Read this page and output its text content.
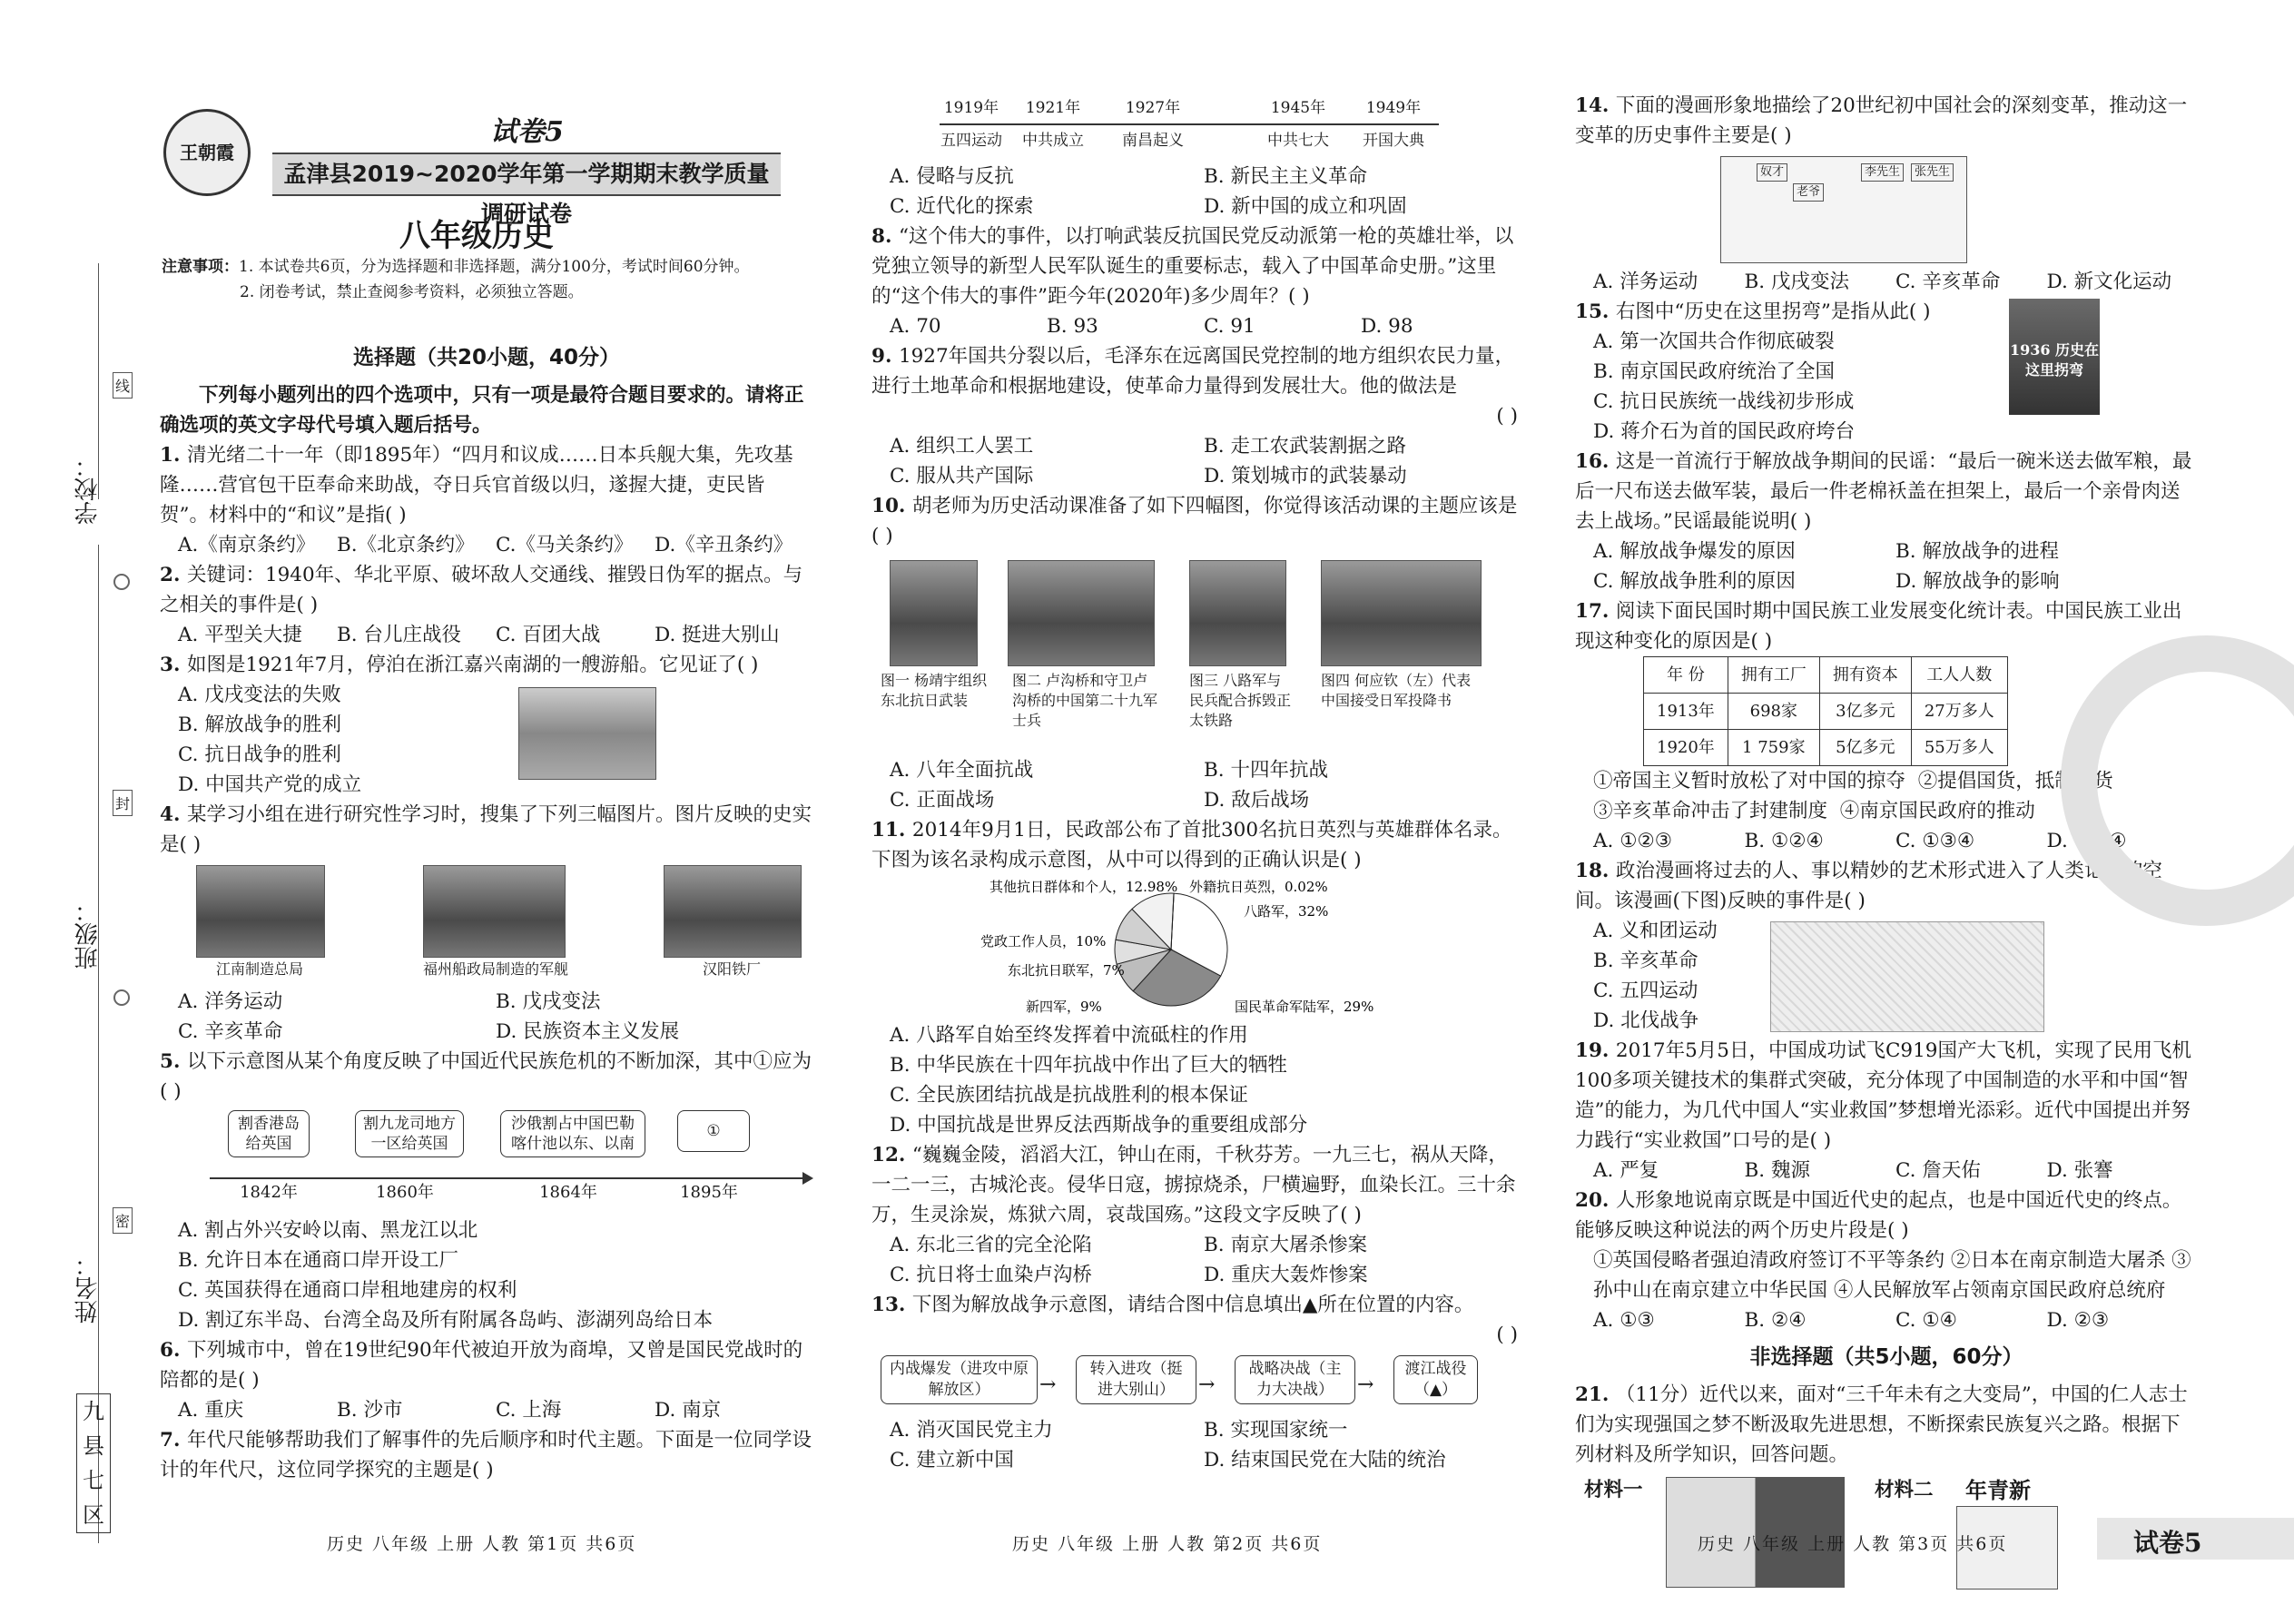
学校：
班级：
姓名：
线
封
密
九
县
七
区
王朝霞
试卷5
孟津县2019~2020学年第一学期期末教学质量调研试卷
八年级历史
注意事项：1. 本试卷共6页，分为选择题和非选择题，满分100分，考试时间60分钟。
2. 闭卷考试，禁止查阅参考资料，必须独立答题。
选择题（共20小题，40分）

下列每小题列出的四个选项中，只有一项是最符合题目要求的。请将正确选项的英文字母代号填入题后括号。

1. 清光绪二十一年（即1895年）“四月和议成……日本兵舰大集，先攻基隆……营官包干臣奉命来助战，夺日兵官首级以归，遂握大捷，吏民皆贺”。材料中的“和议”是指( )

A.《南京条约》	B.《北京条约》	C.《马关条约》	D.《辛丑条约》

2. 关键词：1940年、华北平原、破坏敌人交通线、摧毁日伪军的据点。与之相关的事件是( )

A. 平型关大捷	B. 台儿庄战役	C. 百团大战	D. 挺进大别山

3. 如图是1921年7月，停泊在浙江嘉兴南湖的一艘游船。它见证了( )

A. 戊戌变法的失败
B. 解放战争的胜利
C. 抗日战争的胜利
D. 中国共产党的成立

4. 某学习小组在进行研究性学习时，搜集了下列三幅图片。图片反映的史实是( )

江南制造总局	福州船政局制造的军舰	汉阳铁厂
A. 洋务运动	B. 戊戌变法
C. 辛亥革命	D. 民族资本主义发展

5. 以下示意图从某个角度反映了中国近代民族危机的不断加深，其中①应为( )

割香港岛给英国
割九龙司地方一区给英国
沙俄割占中国巴勒喀什池以东、以南
①
1842年	1860年	1864年	1895年
A. 割占外兴安岭以南、黑龙江以北
B. 允许日本在通商口岸开设工厂
C. 英国获得在通商口岸租地建房的权利
D. 割辽东半岛、台湾全岛及所有附属各岛屿、澎湖列岛给日本

6. 下列城市中，曾在19世纪90年代被迫开放为商埠，又曾是国民党战时的陪都的是( )

A. 重庆	B. 沙市	C. 上海	D. 南京

7. 年代尺能够帮助我们了解事件的先后顺序和时代主题。下面是一位同学设计的年代尺，这位同学探究的主题是( )

1919年 1921年	1927年	1945年	1949年
五四运动	中共成立	南昌起义	中共七大	开国大典
A. 侵略与反抗	B. 新民主主义革命
C. 近代化的探索	D. 新中国的成立和巩固

8. “这个伟大的事件，以打响武装反抗国民党反动派第一枪的英雄壮举，以党独立领导的新型人民军队诞生的重要标志，载入了中国革命史册。”这里的“这个伟大的事件”距今年(2020年)多少周年？( )

A. 70	B. 93	C. 91	D. 98

9. 1927年国共分裂以后，毛泽东在远离国民党控制的地方组织农民力量，进行土地革命和根据地建设，使革命力量得到发展壮大。他的做法是

( )
A. 组织工人罢工	B. 走工农武装割据之路
C. 服从共产国际	D. 策划城市的武装暴动

10. 胡老师为历史活动课准备了如下四幅图，你觉得该活动课的主题应该是( )

图一 杨靖宇组织东北抗日武装
图二 卢沟桥和守卫卢沟桥的中国第二十九军士兵
图三 八路军与民兵配合拆毁正太铁路
图四 何应钦（左）代表中国接受日军投降书
A. 八年全面抗战	B. 十四年抗战
C. 正面战场	D. 敌后战场

11. 2014年9月1日，民政部公布了首批300名抗日英烈与英雄群体名录。下图为该名录构成示意图，从中可以得到的正确认识是( )

八路军，32%
国民革命军陆军，29%
新四军，9%
东北抗日联军，7%
党政工作人员，10%
其他抗日群体和个人，12.98% 外籍抗日英烈，0.02%
A. 八路军自始至终发挥着中流砥柱的作用
B. 中华民族在十四年抗战中作出了巨大的牺牲
C. 全民族团结抗战是抗战胜利的根本保证
D. 中国抗战是世界反法西斯战争的重要组成部分

12. “巍巍金陵，滔滔大江，钟山在雨，千秋芬芳。一九三七，祸从天降，一二一三，古城沦丧。侵华日寇，掳掠烧杀，尸横遍野，血染长江。三十余万，生灵涂炭，炼狱六周，哀哉国殇。”这段文字反映了( )

A. 东北三省的完全沦陷	B. 南京大屠杀惨案
C. 抗日将士血染卢沟桥	D. 重庆大轰炸惨案

13. 下图为解放战争示意图，请结合图中信息填出▲所在位置的内容。

( )
内战爆发（进攻中原解放区）	→
转入进攻（挺进大别山）	→
战略决战（主力大决战）	→
渡江战役（▲）
A. 消灭国民党主力	B. 实现国家统一
C. 建立新中国	D. 结束国民党在大陆的统治

14. 下面的漫画形象地描绘了20世纪初中国社会的深刻变革，推动这一变革的历史事件主要是( )

奴才
老爷
李先生	张先生
A. 洋务运动	B. 戊戌变法	C. 辛亥革命	D. 新文化运动

15. 右图中“历史在这里拐弯”是指从此( )

A. 第一次国共合作彻底破裂
B. 南京国民政府统治了全国
C. 抗日民族统一战线初步形成
D. 蒋介石为首的国民政府垮台
1936 历史在这里拐弯

16. 这是一首流行于解放战争期间的民谣：“最后一碗米送去做军粮，最后一尺布送去做军装，最后一件老棉袄盖在担架上，最后一个亲骨肉送去上战场。”民谣最能说明( )

A. 解放战争爆发的原因	B. 解放战争的进程
C. 解放战争胜利的原因	D. 解放战争的影响

17. 阅读下面民国时期中国民族工业发展变化统计表。中国民族工业出现这种变化的原因是( )

年 份	拥有工厂	拥有资本	工人人数
1913年	698家	3亿多元	27万多人
1920年	1 759家	5亿多元	55万多人
①帝国主义暂时放松了对中国的掠夺 ②提倡国货，抵制洋货
③辛亥革命冲击了封建制度 ④南京国民政府的推动
A. ①②③	B. ①②④	C. ①③④	D. ②③④

18. 政治漫画将过去的人、事以精妙的艺术形式进入了人类记忆的空间。该漫画(下图)反映的事件是( )

A. 义和团运动
B. 辛亥革命
C. 五四运动
D. 北伐战争

19. 2017年5月5日，中国成功试飞C919国产大飞机，实现了民用飞机100多项关键技术的集群式突破，充分体现了中国制造的水平和中国“智造”的能力，为几代中国人“实业救国”梦想增光添彩。近代中国提出并努力践行“实业救国”口号的是( )

A. 严复	B. 魏源	C. 詹天佑	D. 张謇

20. 人形象地说南京既是中国近代史的起点，也是中国近代史的终点。能够反映这种说法的两个历史片段是( )

①英国侵略者强迫清政府签订不平等条约 ②日本在南京制造大屠杀 ③孙中山在南京建立中华民国 ④人民解放军占领南京国民政府总统府

A. ①③	B. ②④	C. ①④	D. ②③
非选择题（共5小题，60分）

21. （11分）近代以来，面对“三千年未有之大变局”，中国的仁人志士们为实现强国之梦不断汲取先进思想，不断探索民族复兴之路。根据下列材料及所学知识，回答问题。

材料一	材料二 年青新
历史 八年级 上册 人教 第1页 共6页	历史 八年级 上册 人教 第2页 共6页	历史 八年级 上册 人教 第3页 共6页	试卷5
